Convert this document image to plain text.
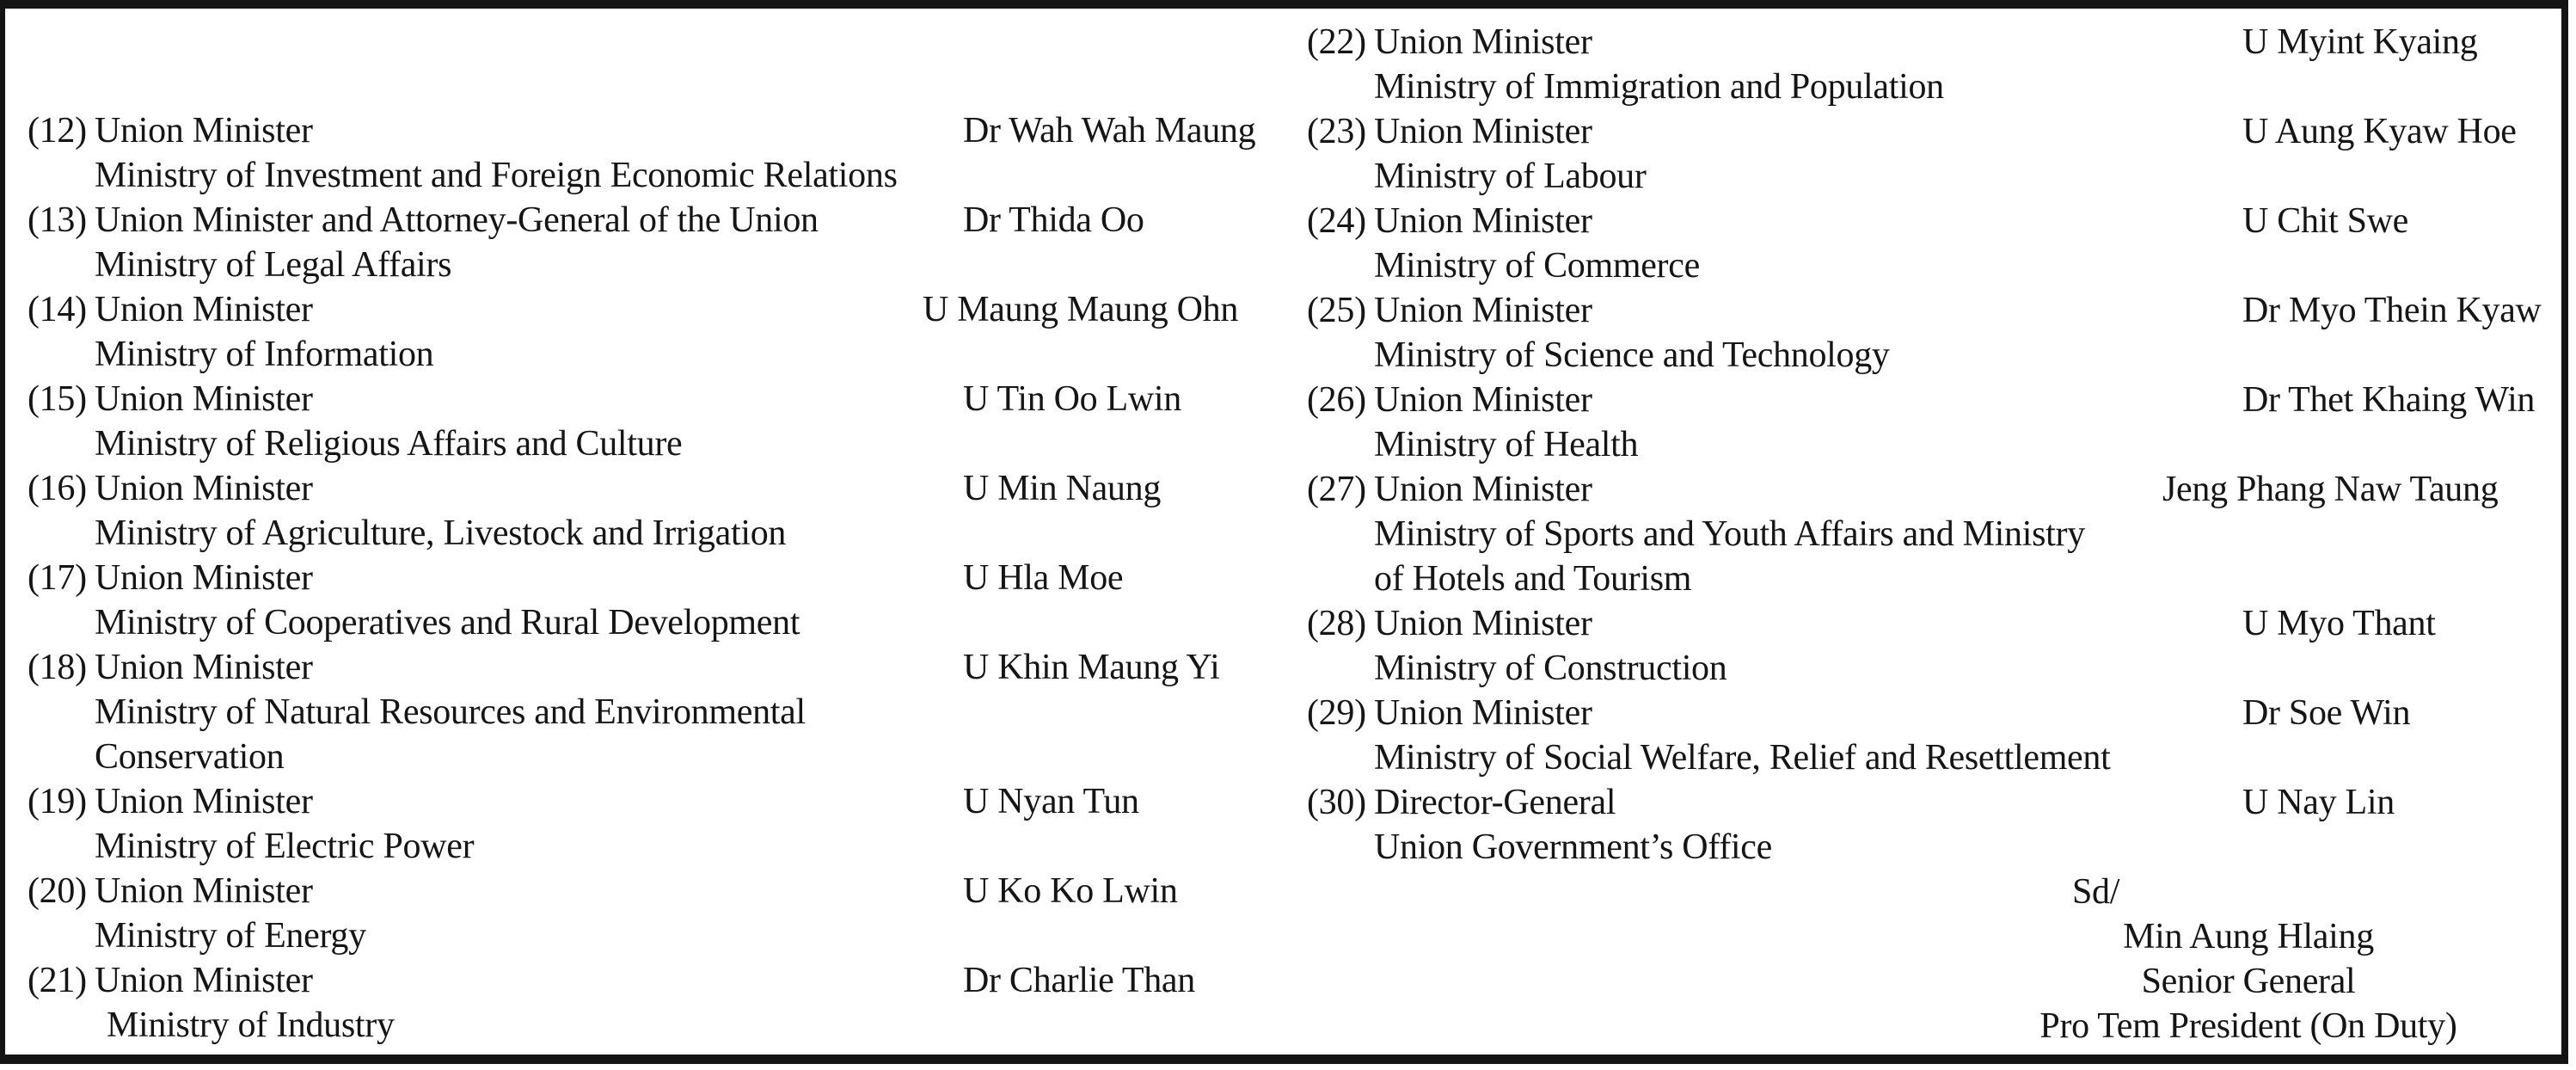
(12) Union Minister	Dr Wah Wah Maung
Ministry of Investment and Foreign Economic Relations
(13) Union Minister and Attorney-General of the Union	Dr Thida Oo
Ministry of Legal Affairs
(14) Union Minister	U Maung Maung Ohn
Ministry of Information
(15) Union Minister	U Tin Oo Lwin
Ministry of Religious Affairs and Culture
(16) Union Minister	U Min Naung
Ministry of Agriculture, Livestock and Irrigation
(17) Union Minister	U Hla Moe
Ministry of Cooperatives and Rural Development
(18) Union Minister	U Khin Maung Yi
Ministry of Natural Resources and Environmental
Conservation
(19) Union Minister	U Nyan Tun
Ministry of Electric Power
(20) Union Minister	U Ko Ko Lwin
Ministry of Energy
(21) Union Minister	Dr Charlie Than
Ministry of Industry
(22) Union Minister	U Myint Kyaing
Ministry of Immigration and Population
(23) Union Minister	U Aung Kyaw Hoe
Ministry of Labour
(24) Union Minister	U Chit Swe
Ministry of Commerce
(25) Union Minister	Dr Myo Thein Kyaw
Ministry of Science and Technology
(26) Union Minister	Dr Thet Khaing Win
Ministry of Health
(27) Union Minister	Jeng Phang Naw Taung
Ministry of Sports and Youth Affairs and Ministry
of Hotels and Tourism
(28) Union Minister	U Myo Thant
Ministry of Construction
(29) Union Minister	Dr Soe Win
Ministry of Social Welfare, Relief and Resettlement
(30) Director-General	U Nay Lin
Union Government’s Office
Sd/
Min Aung Hlaing
Senior General
Pro Tem President (On Duty)
